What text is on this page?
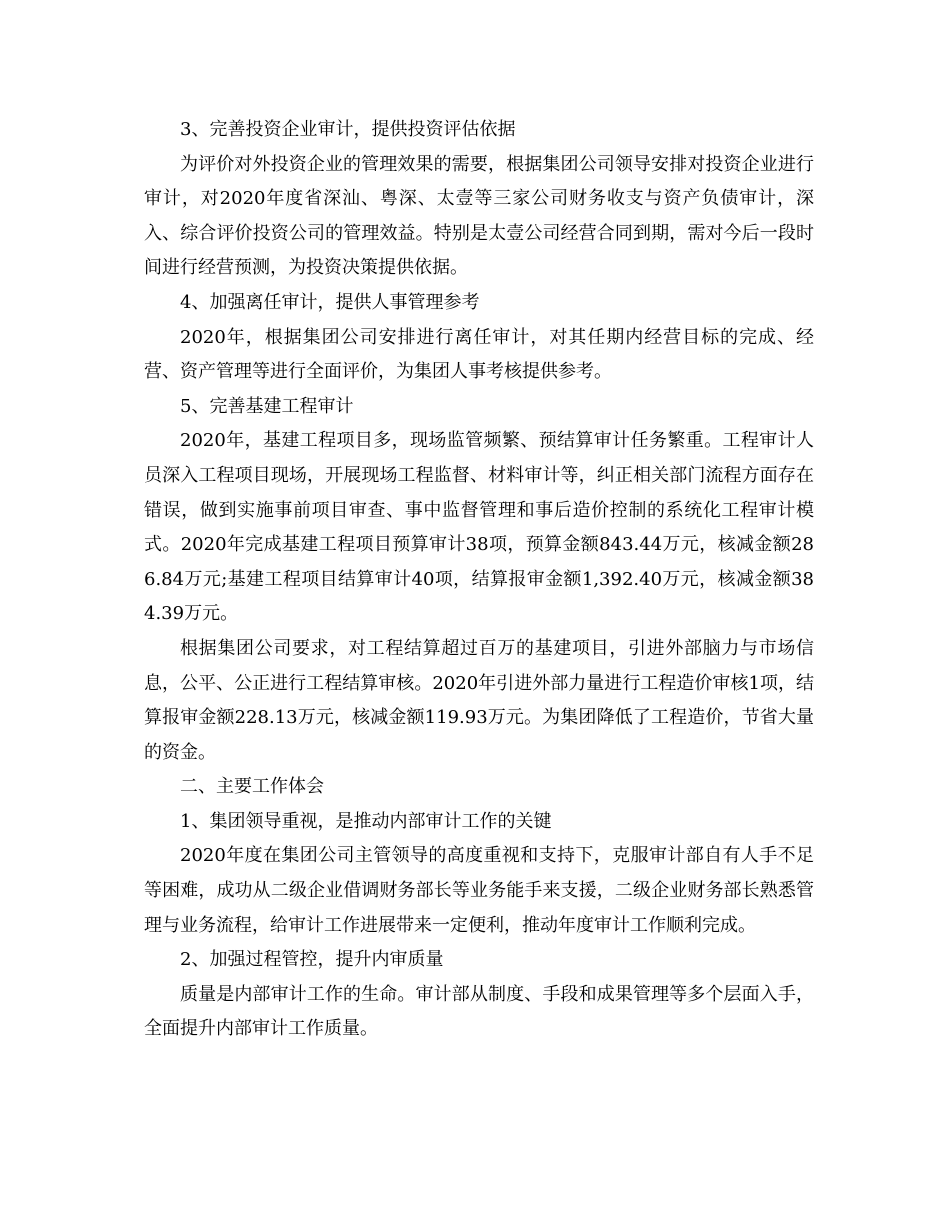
3、完善投资企业审计，提供投资评估依据

为评价对外投资企业的管理效果的需要，根据集团公司领导安排对投资企业进行审计，对2020年度省深汕、粤深、太壹等三家公司财务收支与资产负债审计，深入、综合评价投资公司的管理效益。特别是太壹公司经营合同到期，需对今后一段时间进行经营预测，为投资决策提供依据。

4、加强离任审计，提供人事管理参考

2020年，根据集团公司安排进行离任审计，对其任期内经营目标的完成、经营、资产管理等进行全面评价，为集团人事考核提供参考。

5、完善基建工程审计

2020年，基建工程项目多，现场监管频繁、预结算审计任务繁重。工程审计人员深入工程项目现场，开展现场工程监督、材料审计等，纠正相关部门流程方面存在错误，做到实施事前项目审查、事中监督管理和事后造价控制的系统化工程审计模式。2020年完成基建工程项目预算审计38项，预算金额843.44万元，核减金额286.84万元;基建工程项目结算审计40项，结算报审金额1,392.40万元，核减金额384.39万元。

根据集团公司要求，对工程结算超过百万的基建项目，引进外部脑力与市场信息，公平、公正进行工程结算审核。2020年引进外部力量进行工程造价审核1项，结算报审金额228.13万元，核减金额119.93万元。为集团降低了工程造价，节省大量的资金。

二、主要工作体会

1、集团领导重视，是推动内部审计工作的关键

2020年度在集团公司主管领导的高度重视和支持下，克服审计部自有人手不足等困难，成功从二级企业借调财务部长等业务能手来支援，二级企业财务部长熟悉管理与业务流程，给审计工作进展带来一定便利，推动年度审计工作顺利完成。

2、加强过程管控，提升内审质量

质量是内部审计工作的生命。审计部从制度、手段和成果管理等多个层面入手，全面提升内部审计工作质量。
